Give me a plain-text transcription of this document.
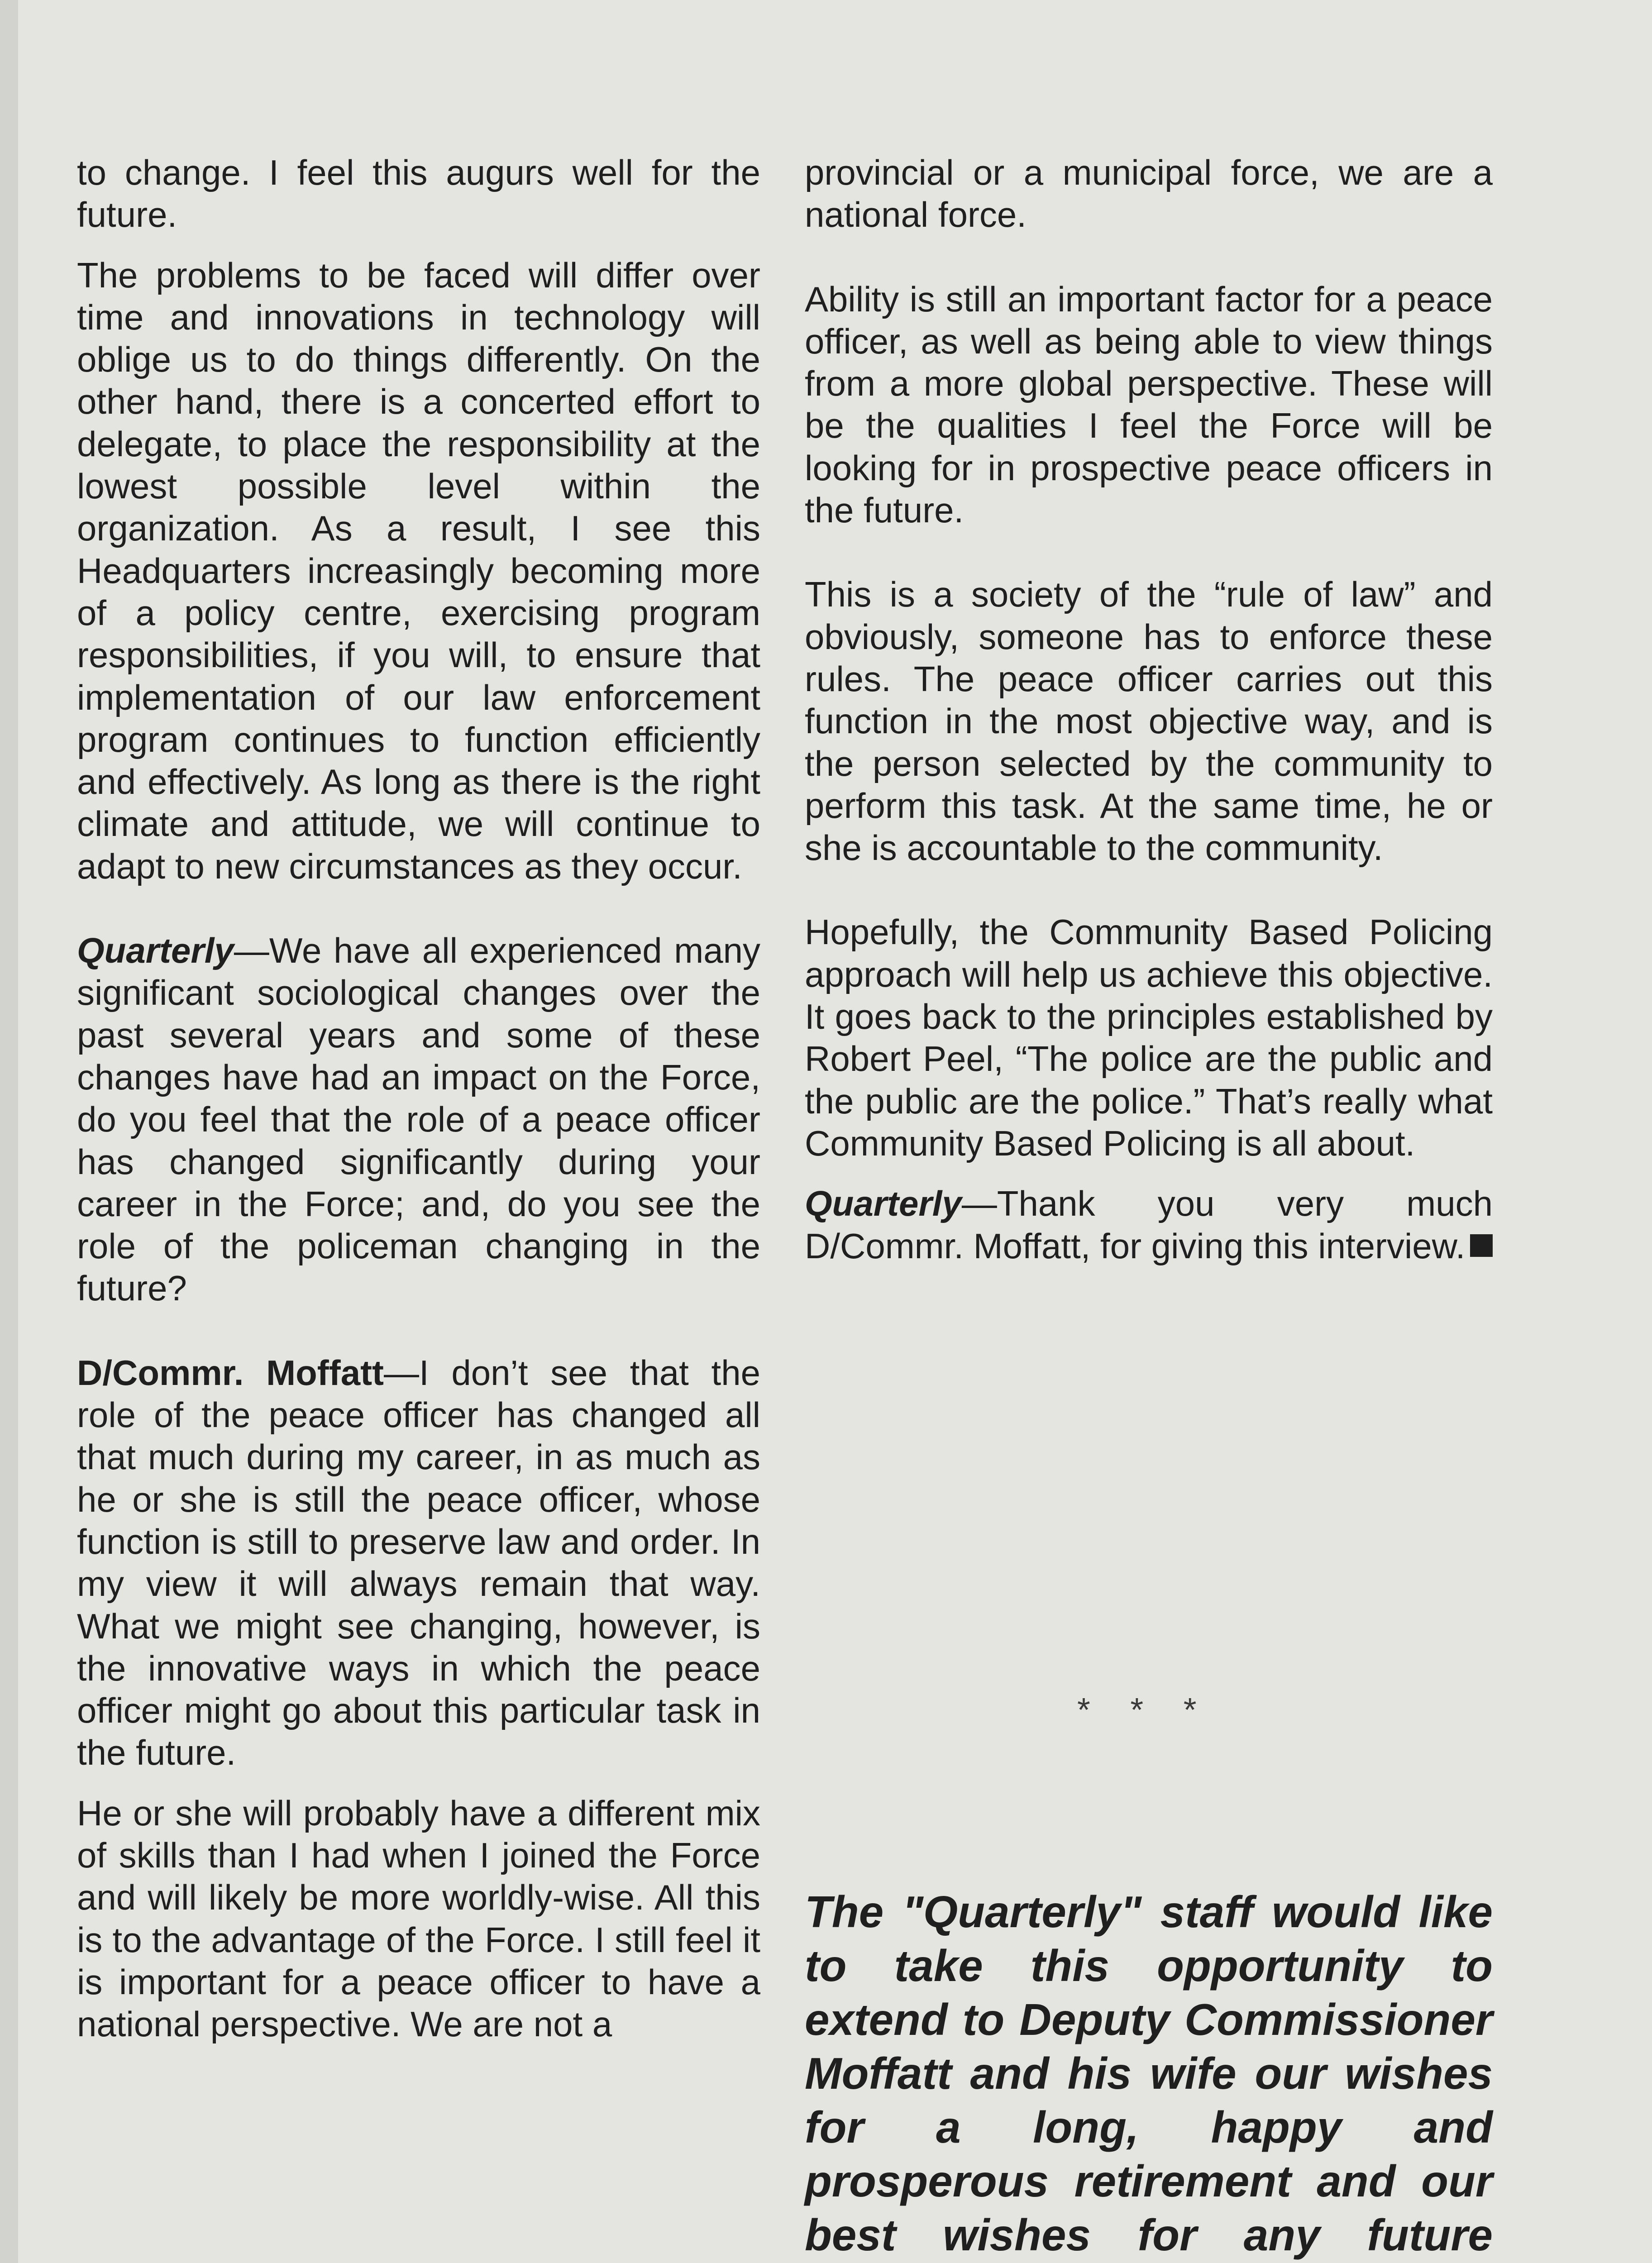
to change. I feel this augurs well for the future.

The problems to be faced will differ over time and innovations in technology will oblige us to do things differently. On the other hand, there is a concerted effort to delegate, to place the responsibility at the lowest possible level within the organization. As a result, I see this Headquarters increasingly becoming more of a policy centre, exercising program responsibilities, if you will, to ensure that implementation of our law enforcement program continues to function efficiently and effectively. As long as there is the right climate and attitude, we will continue to adapt to new circumstances as they occur.

Quarterly—We have all experienced many significant sociological changes over the past several years and some of these changes have had an impact on the Force, do you feel that the role of a peace officer has changed significantly during your career in the Force; and, do you see the role of the policeman changing in the future?

D/Commr. Moffatt—I don’t see that the role of the peace officer has changed all that much during my career, in as much as he or she is still the peace officer, whose function is still to preserve law and order. In my view it will always remain that way. What we might see changing, however, is the innovative ways in which the peace officer might go about this particular task in the future.

He or she will probably have a different mix of skills than I had when I joined the Force and will likely be more worldly-wise. All this is to the advantage of the Force. I still feel it is important for a peace officer to have a national perspective. We are not a

provincial or a municipal force, we are a national force.

Ability is still an important factor for a peace officer, as well as being able to view things from a more global perspective. These will be the qualities I feel the Force will be looking for in prospective peace officers in the future.

This is a society of the “rule of law” and obviously, someone has to enforce these rules. The peace officer carries out this function in the most objective way, and is the person selected by the community to perform this task. At the same time, he or she is accountable to the community.

Hopefully, the Community Based Policing approach will help us achieve this objective. It goes back to the principles established by Robert Peel, “The police are the public and the public are the police.” That’s really what Community Based Policing is all about.

Quarterly—Thank you very much D/Commr. Moffatt, for giving this interview.

* * *
The "Quarterly" staff would like to take this opportunity to extend to Deputy Commissioner Moffatt and his wife our wishes for a long, happy and prosperous retirement and our best wishes for any future
